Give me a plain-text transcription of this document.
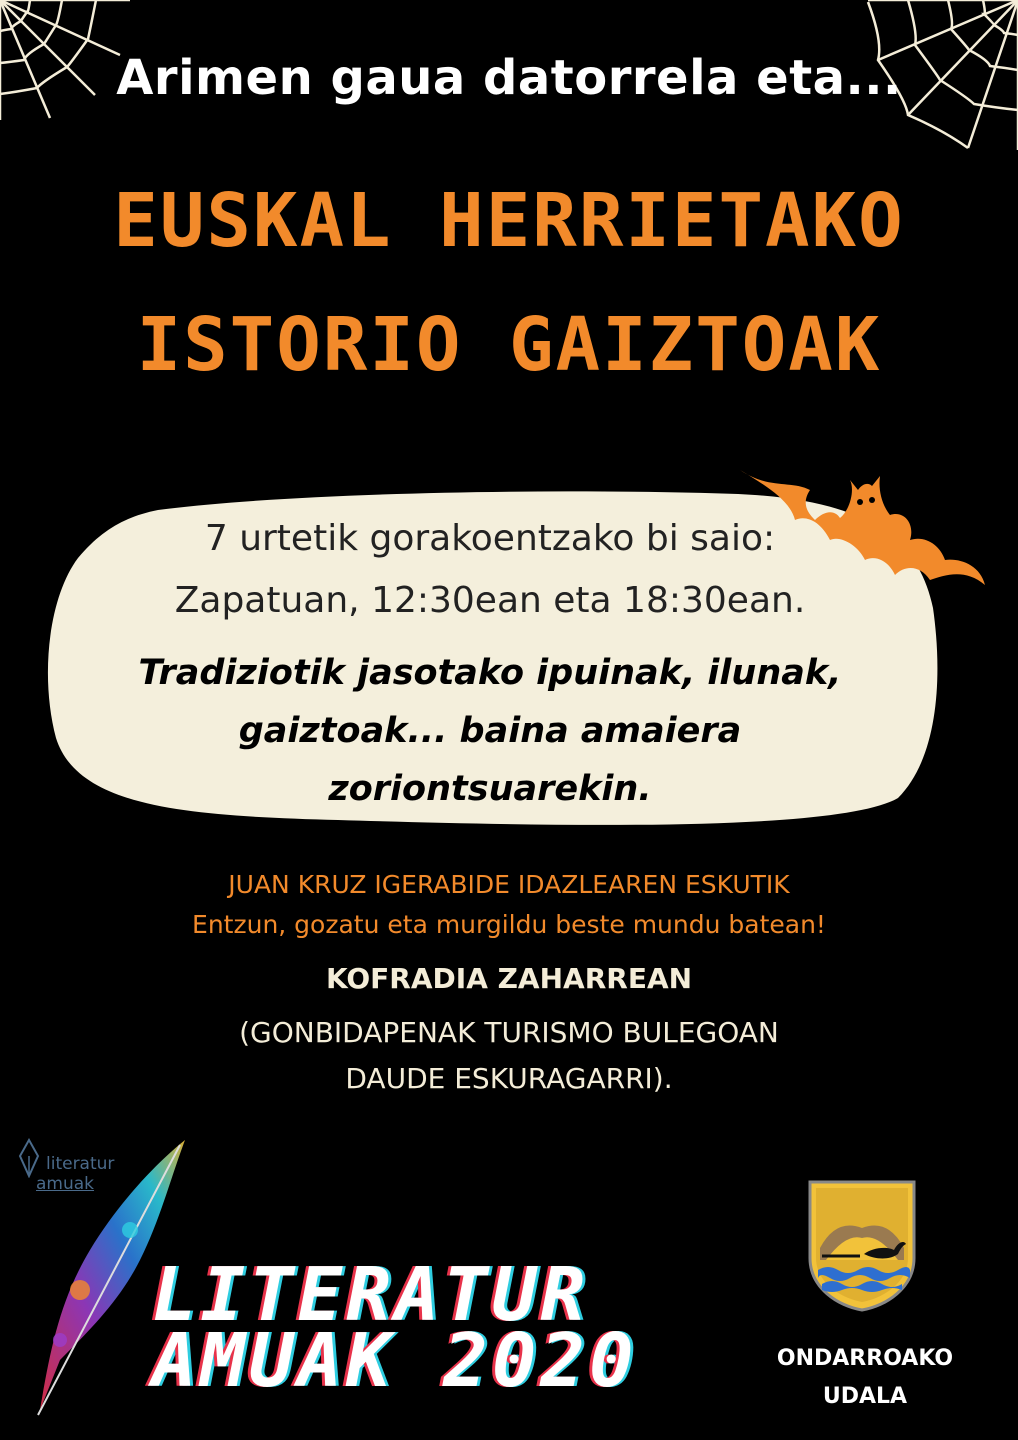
Arimen gaua datorrela eta...
EUSKAL HERRIETAKO
ISTORIO GAIZTOAK
7 urtetik gorakoentzako bi saio:
Zapatuan, 12:30ean eta 18:30ean.
Tradiziotik jasotako ipuinak, ilunak,
gaiztoak... baina amaiera
zoriontsuarekin.
JUAN KRUZ IGERABIDE IDAZLEAREN ESKUTIK
Entzun, gozatu eta murgildu beste mundu batean!
KOFRADIA ZAHARREAN
(GONBIDAPENAK TURISMO BULEGOAN
DAUDE ESKURAGARRI).
literatur
amuak
LITERATUR
AMUAK 2020	ONDARROAKO
UDALA
